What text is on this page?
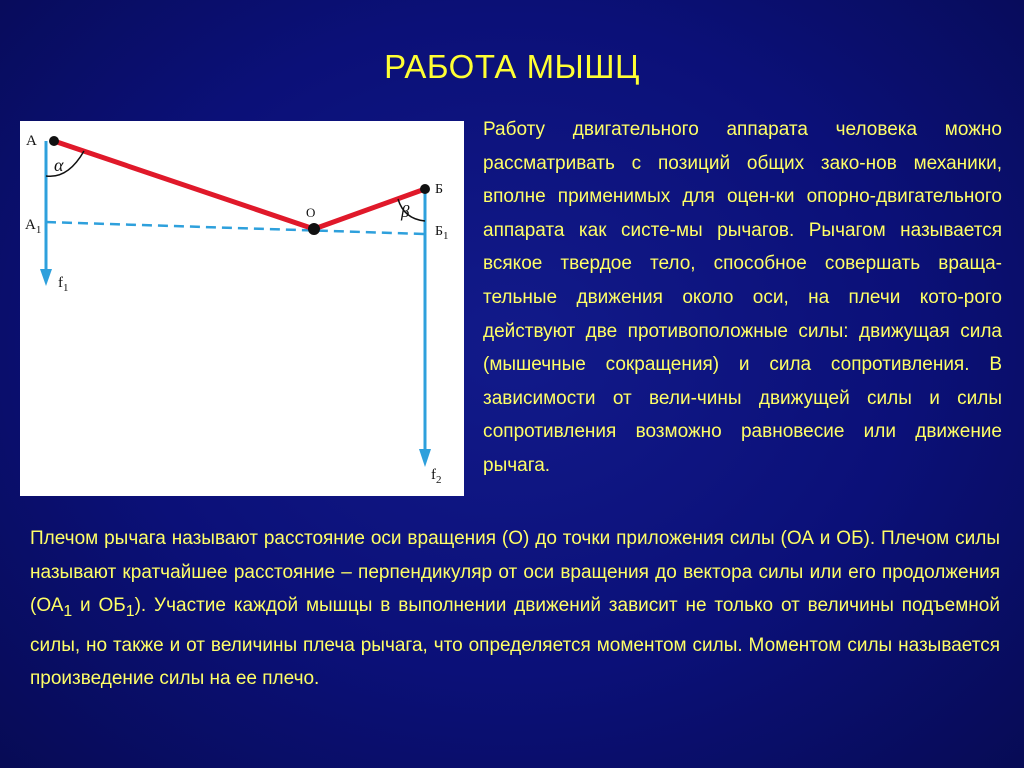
РАБОТА МЫШЦ
A
α
$A_1$
$f_1$
O
Б
β
$Б_1$
$f_2$
Работу двигательного аппарата человека можно рассматривать с позиций общих зако-нов механики, вполне применимых для оцен-ки опорно-двигательного аппарата как систе-мы рычагов. Рычагом называется всякое твердое тело, способное совершать враща-тельные движения около оси, на плечи кото-рого действуют две противоположные силы: движущая сила (мышечные сокращения) и сила сопротивления. В зависимости от вели-чины движущей силы и силы сопротивления возможно равновесие или движение рычага.
Плечом рычага называют расстояние оси вращения (О) до точки приложения силы (ОА и ОБ). Плечом силы называют кратчайшее расстояние – перпендикуляр от оси вращения до вектора силы или его продолжения ($ОА_1$ и $ОБ_1$). Участие каждой мышцы в выполнении движений зависит не только от величины подъемной силы, но также и от величины плеча рычага, что определяется моментом силы. Моментом силы называется произведение силы на ее плечо.
